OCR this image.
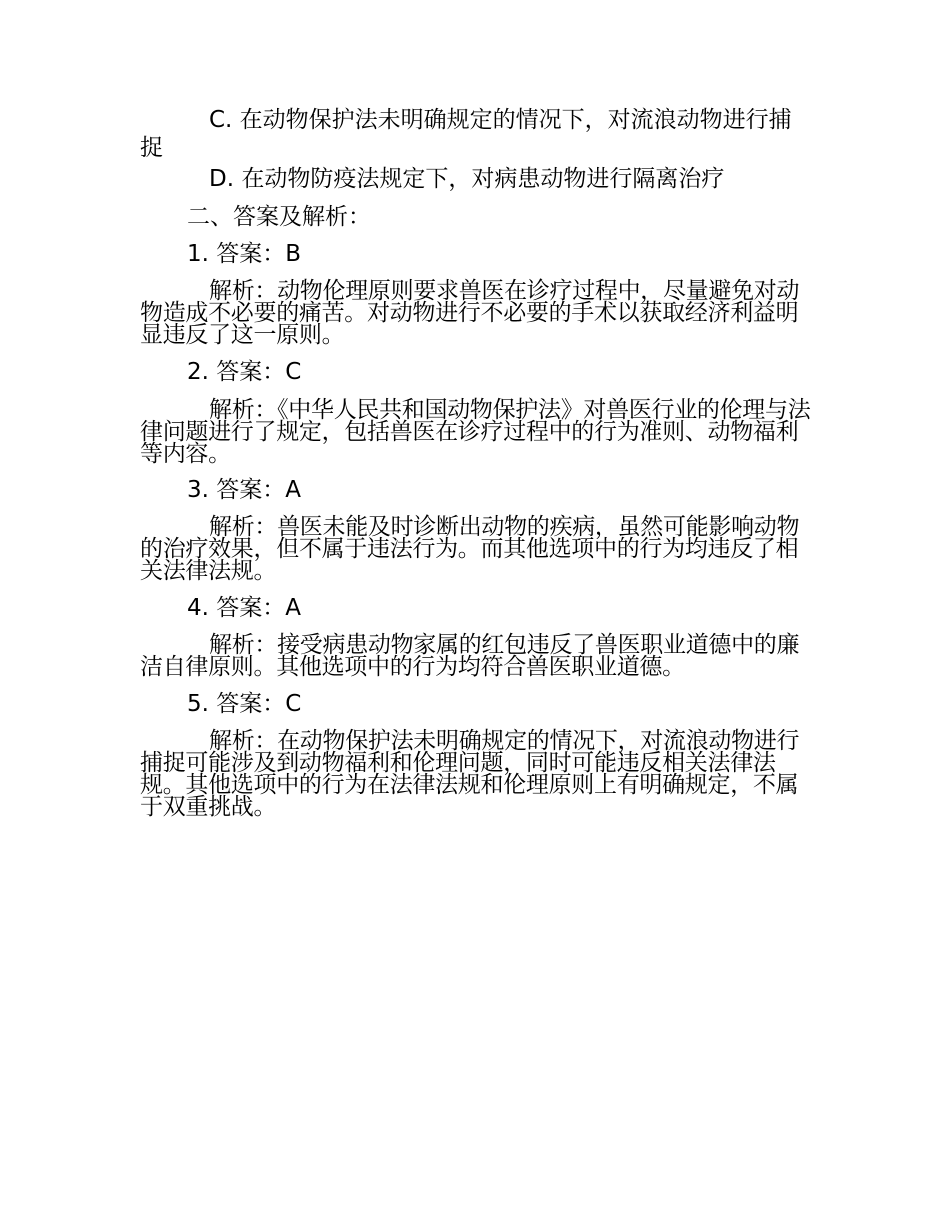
C. 在动物保护法未明确规定的情况下，对流浪动物进行捕捉
D. 在动物防疫法规定下，对病患动物进行隔离治疗
二、答案及解析：
1. 答案：B
解析：动物伦理原则要求兽医在诊疗过程中，尽量避免对动物造成不必要的痛苦。对动物进行不必要的手术以获取经济利益明显违反了这一原则。
2. 答案：C
解析：《中华人民共和国动物保护法》对兽医行业的伦理与法律问题进行了规定，包括兽医在诊疗过程中的行为准则、动物福利等内容。
3. 答案：A
解析：兽医未能及时诊断出动物的疾病，虽然可能影响动物的治疗效果，但不属于违法行为。而其他选项中的行为均违反了相关法律法规。
4. 答案：A
解析：接受病患动物家属的红包违反了兽医职业道德中的廉洁自律原则。其他选项中的行为均符合兽医职业道德。
5. 答案：C
解析：在动物保护法未明确规定的情况下，对流浪动物进行捕捉可能涉及到动物福利和伦理问题，同时可能违反相关法律法规。其他选项中的行为在法律法规和伦理原则上有明确规定，不属于双重挑战。
